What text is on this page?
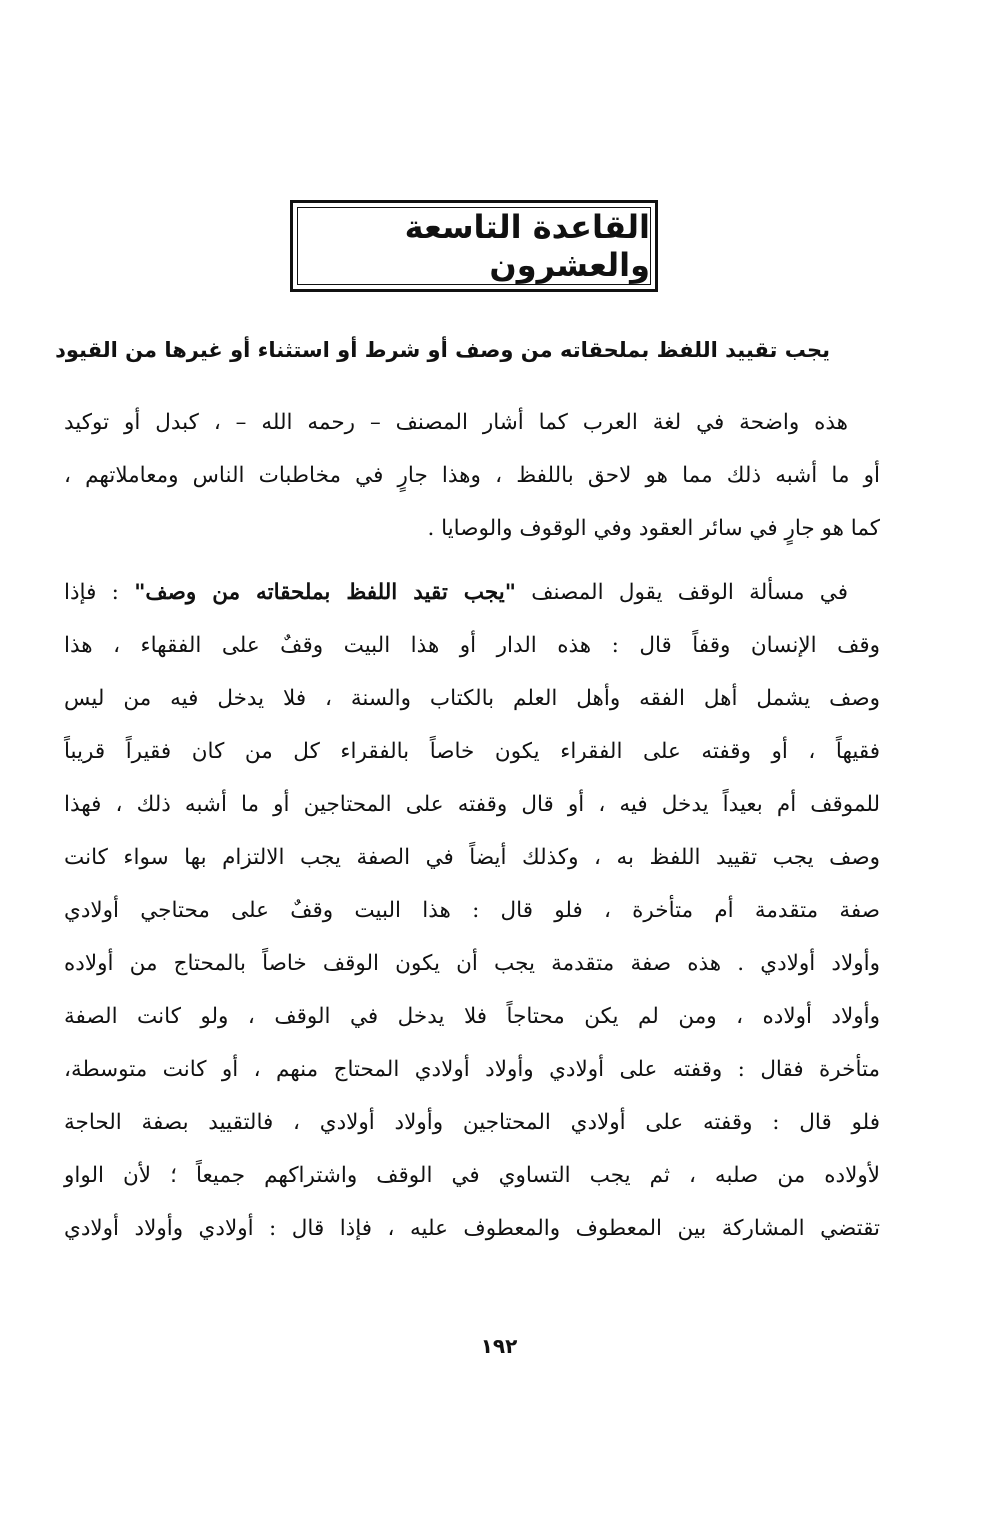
القاعدة التاسعة والعشرون
يجب تقييد اللفظ بملحقاته من وصف أو شرط أو استثناء أو غيرها من القيود
هذه واضحة في لغة العرب كما أشار المصنف – رحمه الله – ، كبدل أو توكيد
أو ما أشبه ذلك مما هو لاحق باللفظ ، وهذا جارٍ في مخاطبات الناس ومعاملاتهم ،
كما هو جارٍ في سائر العقود وفي الوقوف والوصايا .
في مسألة الوقف يقول المصنف "يجب تقيد اللفظ بملحقاته من وصف" : فإذا
وقف الإنسان وقفاً قال : هذه الدار أو هذا البيت وقفٌ على الفقهاء ، هذا
وصف يشمل أهل الفقه وأهل العلم بالكتاب والسنة ، فلا يدخل فيه من ليس
فقيهاً ، أو وقفته على الفقراء يكون خاصاً بالفقراء كل من كان فقيراً قريباً
للموقف أم بعيداً يدخل فيه ، أو قال وقفته على المحتاجين أو ما أشبه ذلك ، فهذا
وصف يجب تقييد اللفظ به ، وكذلك أيضاً في الصفة يجب الالتزام بها سواء كانت
صفة متقدمة أم متأخرة ، فلو قال : هذا البيت وقفٌ على محتاجي أولادي
وأولاد أولادي . هذه صفة متقدمة يجب أن يكون الوقف خاصاً بالمحتاج من أولاده
وأولاد أولاده ، ومن لم يكن محتاجاً فلا يدخل في الوقف ، ولو كانت الصفة
متأخرة فقال : وقفته على أولادي وأولاد أولادي المحتاج منهم ، أو كانت متوسطة،
فلو قال : وقفته على أولادي المحتاجين وأولاد أولادي ، فالتقييد بصفة الحاجة
لأولاده من صلبه ، ثم يجب التساوي في الوقف واشتراكهم جميعاً ؛ لأن الواو
تقتضي المشاركة بين المعطوف والمعطوف عليه ، فإذا قال : أولادي وأولاد أولادي
١٩٢
